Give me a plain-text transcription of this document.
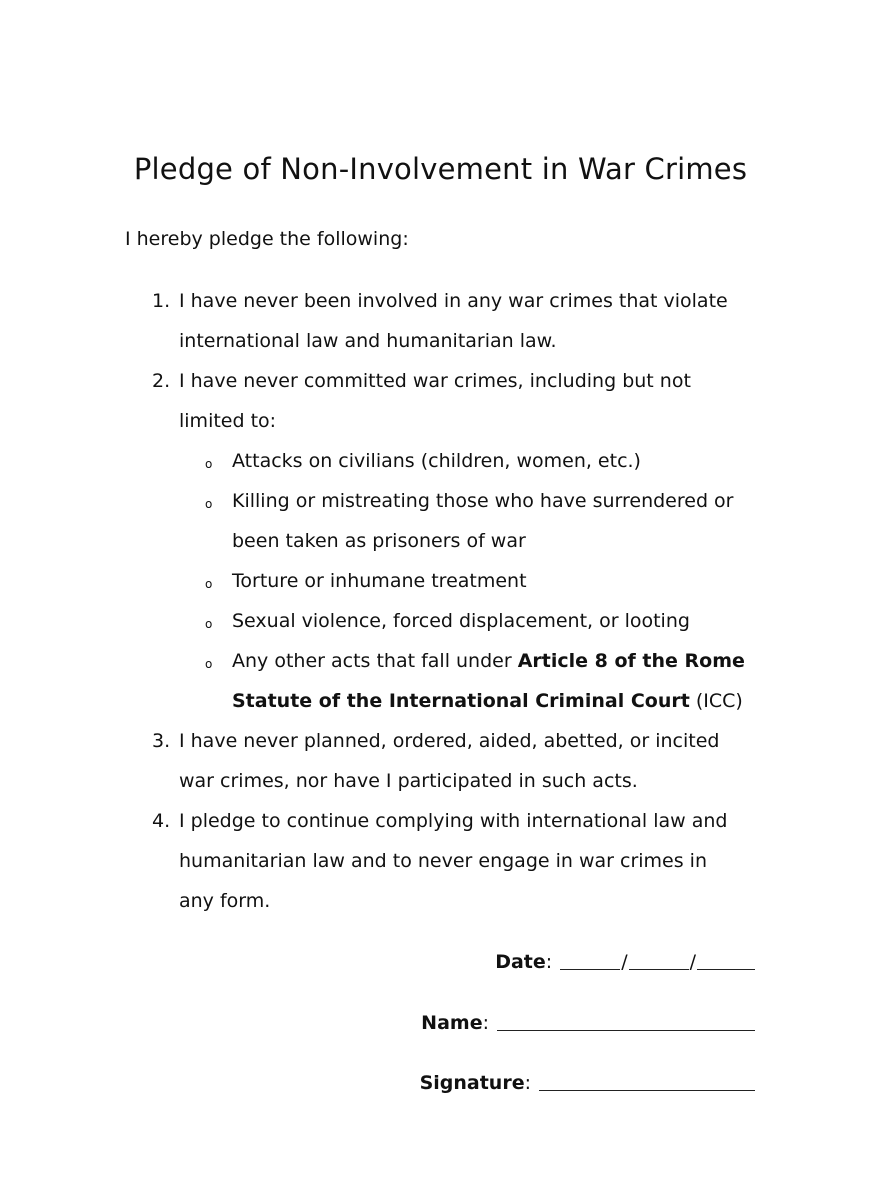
Pledge of Non-Involvement in War Crimes

I hereby pledge the following:

1. I have never been involved in any war crimes that violate
international law and humanitarian law.
2. I have never committed war crimes, including but not
limited to:
o Attacks on civilians (children, women, etc.)
o Killing or mistreating those who have surrendered or
been taken as prisoners of war
o Torture or inhumane treatment
o Sexual violence, forced displacement, or looting
o Any other acts that fall under Article 8 of the Rome
Statute of the International Criminal Court (ICC)
3. I have never planned, ordered, aided, abetted, or incited
war crimes, nor have I participated in such acts.
4. I pledge to continue complying with international law and
humanitarian law and to never engage in war crimes in
any form.
Date :	/	/
Name :
Signature :
